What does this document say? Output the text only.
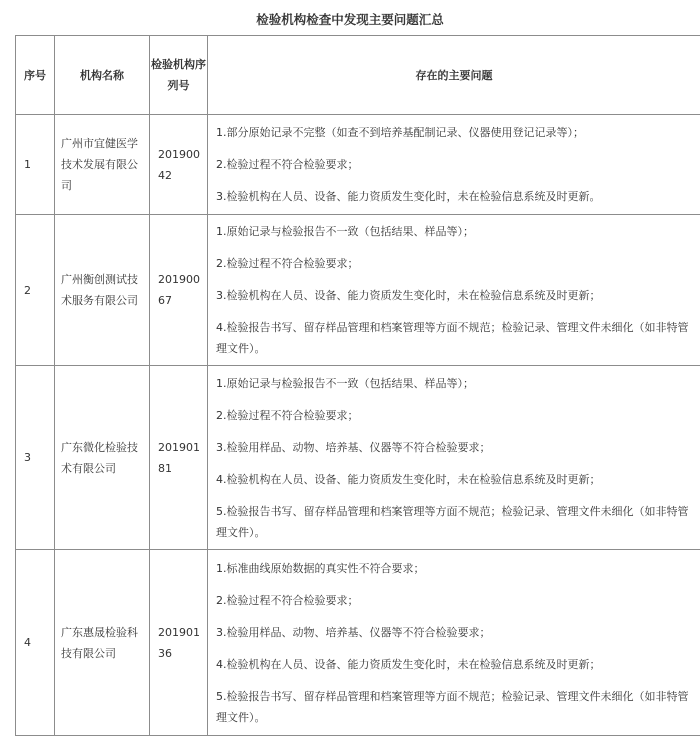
检验机构检查中发现主要问题汇总
序号	机构名称	检验机构序列号	存在的主要问题
1	广州市宜健医学技术发展有限公司	20190042	1.部分原始记录不完整（如查不到培养基配制记录、仪器使用登记记录等）；
2.检验过程不符合检验要求；
3.检验机构在人员、设备、能力资质发生变化时，未在检验信息系统及时更新。

2	广州衡创测试技术服务有限公司	20190067	1.原始记录与检验报告不一致（包括结果、样品等）；
2.检验过程不符合检验要求；
3.检验机构在人员、设备、能力资质发生变化时，未在检验信息系统及时更新；
4.检验报告书写、留存样品管理和档案管理等方面不规范；检验记录、管理文件未细化（如非特管理文件）。

3	广东微化检验技术有限公司	20190181	1.原始记录与检验报告不一致（包括结果、样品等）；
2.检验过程不符合检验要求；
3.检验用样品、动物、培养基、仪器等不符合检验要求；
4.检验机构在人员、设备、能力资质发生变化时，未在检验信息系统及时更新；
5.检验报告书写、留存样品管理和档案管理等方面不规范；检验记录、管理文件未细化（如非特管理文件）。

4	广东惠晟检验科技有限公司	20190136	1.标准曲线原始数据的真实性不符合要求；
2.检验过程不符合检验要求；
3.检验用样品、动物、培养基、仪器等不符合检验要求；
4.检验机构在人员、设备、能力资质发生变化时，未在检验信息系统及时更新；
5.检验报告书写、留存样品管理和档案管理等方面不规范；检验记录、管理文件未细化（如非特管理文件）。
